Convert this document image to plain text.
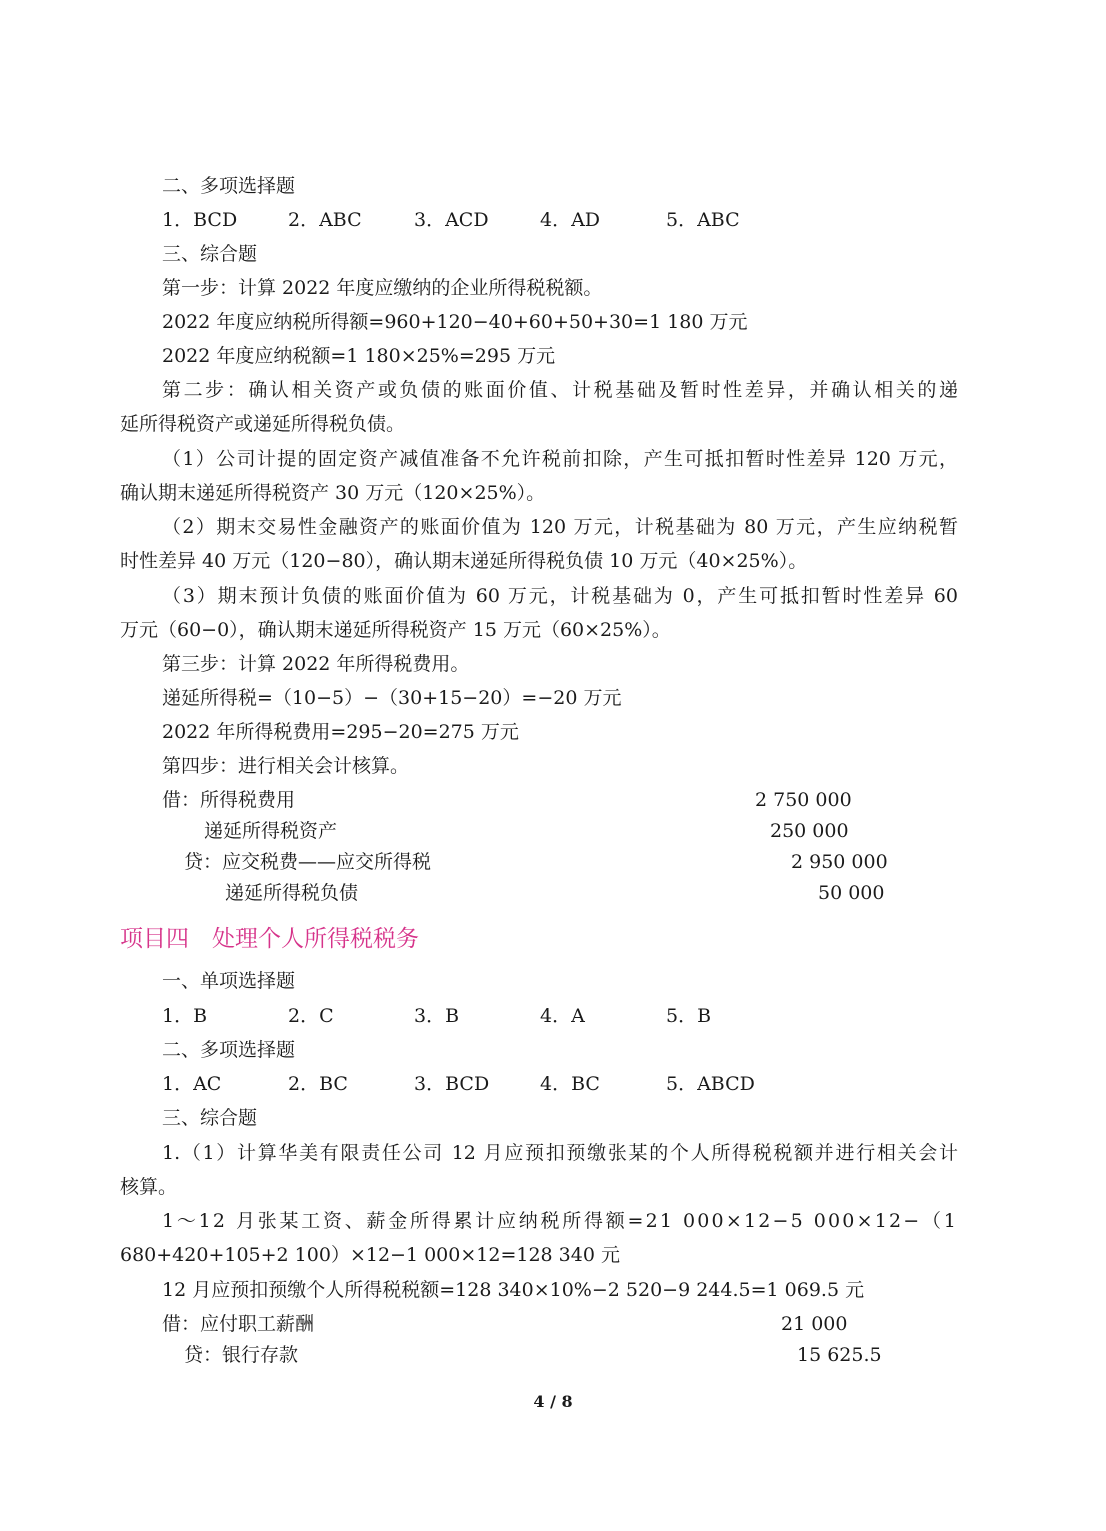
二、多项选择题
1．BCD	2．ABC	3．ACD	4．AD	5．ABC
三、综合题
第一步：计算 2022 年度应缴纳的企业所得税税额。
2022 年度应纳税所得额=960+120−40+60+50+30=1 180 万元
2022 年度应纳税额=1 180×25%=295 万元
第二步：确认相关资产或负债的账面价值、计税基础及暂时性差异，并确认相关的递
延所得税资产或递延所得税负债。
（1）公司计提的固定资产减值准备不允许税前扣除，产生可抵扣暂时性差异 120 万元，
确认期末递延所得税资产 30 万元（120×25%）。
（2）期末交易性金融资产的账面价值为 120 万元，计税基础为 80 万元，产生应纳税暂
时性差异 40 万元（120−80），确认期末递延所得税负债 10 万元（40×25%）。
（3）期末预计负债的账面价值为 60 万元，计税基础为 0，产生可抵扣暂时性差异 60
万元（60−0），确认期末递延所得税资产 15 万元（60×25%）。
第三步：计算 2022 年所得税费用。
递延所得税=（10−5）−（30+15−20）=−20 万元
2022 年所得税费用=295−20=275 万元
第四步：进行相关会计核算。
借：所得税费用	2 750 000
递延所得税资产	250 000
贷：应交税费——应交所得税	2 950 000
递延所得税负债	50 000
项目四　处理个人所得税税务
一、单项选择题
1．B	2．C	3．B	4．A	5．B
二、多项选择题
1．AC	2．BC	3．BCD	4．BC	5．ABCD
三、综合题
1.（1）计算华美有限责任公司 12 月应预扣预缴张某的个人所得税税额并进行相关会计
核算。
1～12 月张某工资、薪金所得累计应纳税所得额=21 000×12−5 000×12−（1
680+420+105+2 100）×12−1 000×12=128 340 元
12 月应预扣预缴个人所得税税额=128 340×10%−2 520−9 244.5=1 069.5 元
借：应付职工薪酬	21 000
贷：银行存款	15 625.5
4 / 8
